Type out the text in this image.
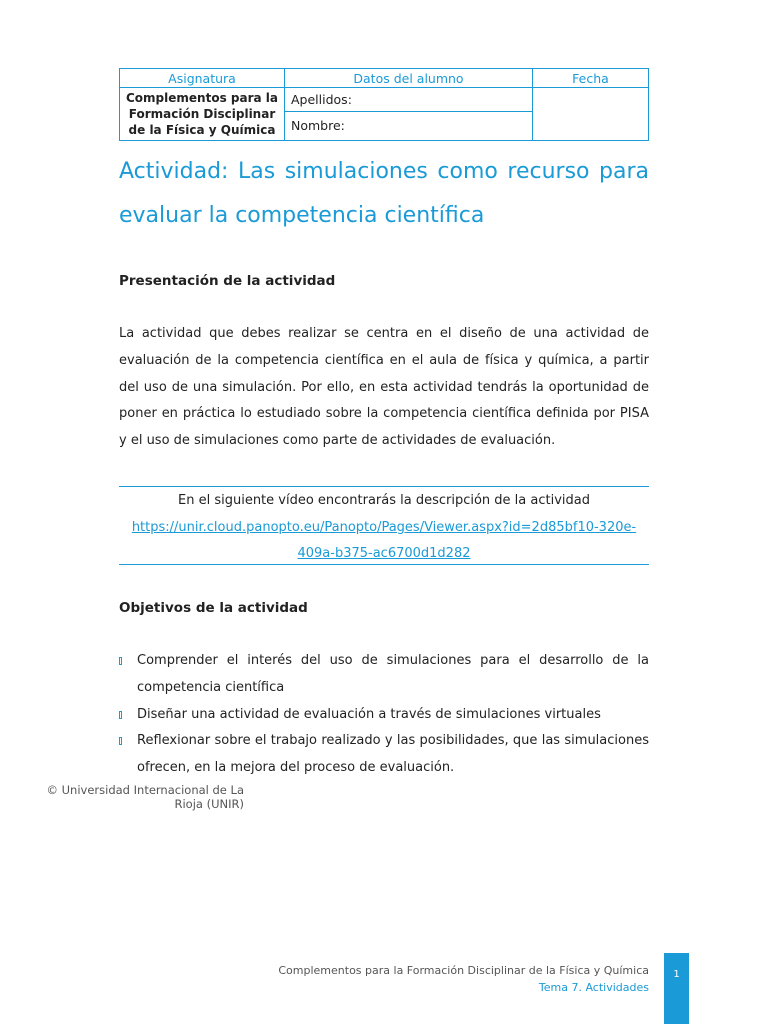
Asignatura	Datos del alumno	Fecha
Complementos para la Formación Disciplinar de la Física y Química	Apellidos:	
	Nombre:	
Actividad: Las simulaciones como recurso para evaluar la competencia científica
Presentación de la actividad

La actividad que debes realizar se centra en el diseño de una actividad de evaluación de la competencia científica en el aula de física y química, a partir del uso de una simulación. Por ello, en esta actividad tendrás la oportunidad de poner en práctica lo estudiado sobre la competencia científica definida por PISA y el uso de simulaciones como parte de actividades de evaluación.

En el siguiente vídeo encontrarás la descripción de la actividad
https://unir.cloud.panopto.eu/Panopto/Pages/Viewer.aspx?id=2d85bf10-320e-409a-b375-ac6700d1d282
Objetivos de la actividad
Comprender el interés del uso de simulaciones para el desarrollo de la competencia científica
Diseñar una actividad de evaluación a través de simulaciones virtuales
Reflexionar sobre el trabajo realizado y las posibilidades, que las simulaciones ofrecen, en la mejora del proceso de evaluación.
© Universidad Internacional de La Rioja (UNIR)
Complementos para la Formación Disciplinar de la Física y Química
Tema 7. Actividades
1
